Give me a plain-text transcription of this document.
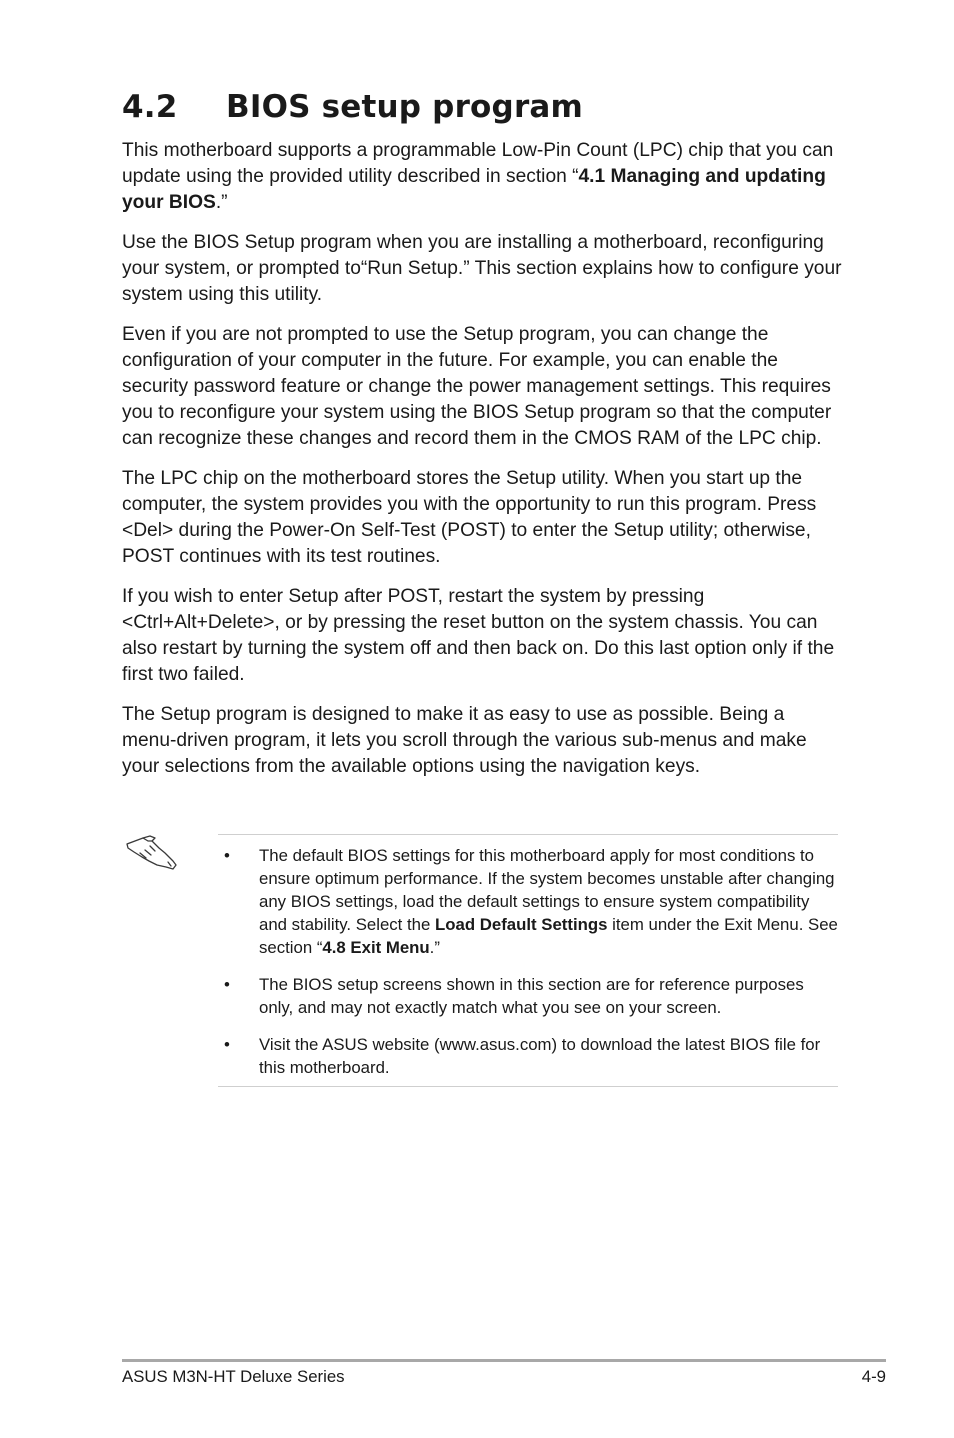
4.2 BIOS setup program

This motherboard supports a programmable Low-Pin Count (LPC) chip that you can update using the provided utility described in section “4.1 Managing and updating your BIOS.”

Use the BIOS Setup program when you are installing a motherboard, reconfiguring your system, or prompted to“Run Setup.” This section explains how to configure your system using this utility.

Even if you are not prompted to use the Setup program, you can change the configuration of your computer in the future. For example, you can enable the security password feature or change the power management settings. This requires you to reconfigure your system using the BIOS Setup program so that the computer can recognize these changes and record them in the CMOS RAM of the LPC chip.

The LPC chip on the motherboard stores the Setup utility. When you start up the computer, the system provides you with the opportunity to run this program. Press <Del> during the Power-On Self-Test (POST) to enter the Setup utility; otherwise, POST continues with its test routines.

If you wish to enter Setup after POST, restart the system by pressing <Ctrl+Alt+Delete>, or by pressing the reset button on the system chassis. You can also restart by turning the system off and then back on. Do this last option only if the first two failed.

The Setup program is designed to make it as easy to use as possible. Being a menu-driven program, it lets you scroll through the various sub-menus and make your selections from the available options using the navigation keys.

• The default BIOS settings for this motherboard apply for most conditions to ensure optimum performance. If the system becomes unstable after changing any BIOS settings, load the default settings to ensure system compatibility and stability. Select the Load Default Settings item under the Exit Menu. See section “4.8 Exit Menu.”
• The BIOS setup screens shown in this section are for reference purposes only, and may not exactly match what you see on your screen.
• Visit the ASUS website (www.asus.com) to download the latest BIOS file for this motherboard.
ASUS M3N-HT Deluxe Series	4-9
